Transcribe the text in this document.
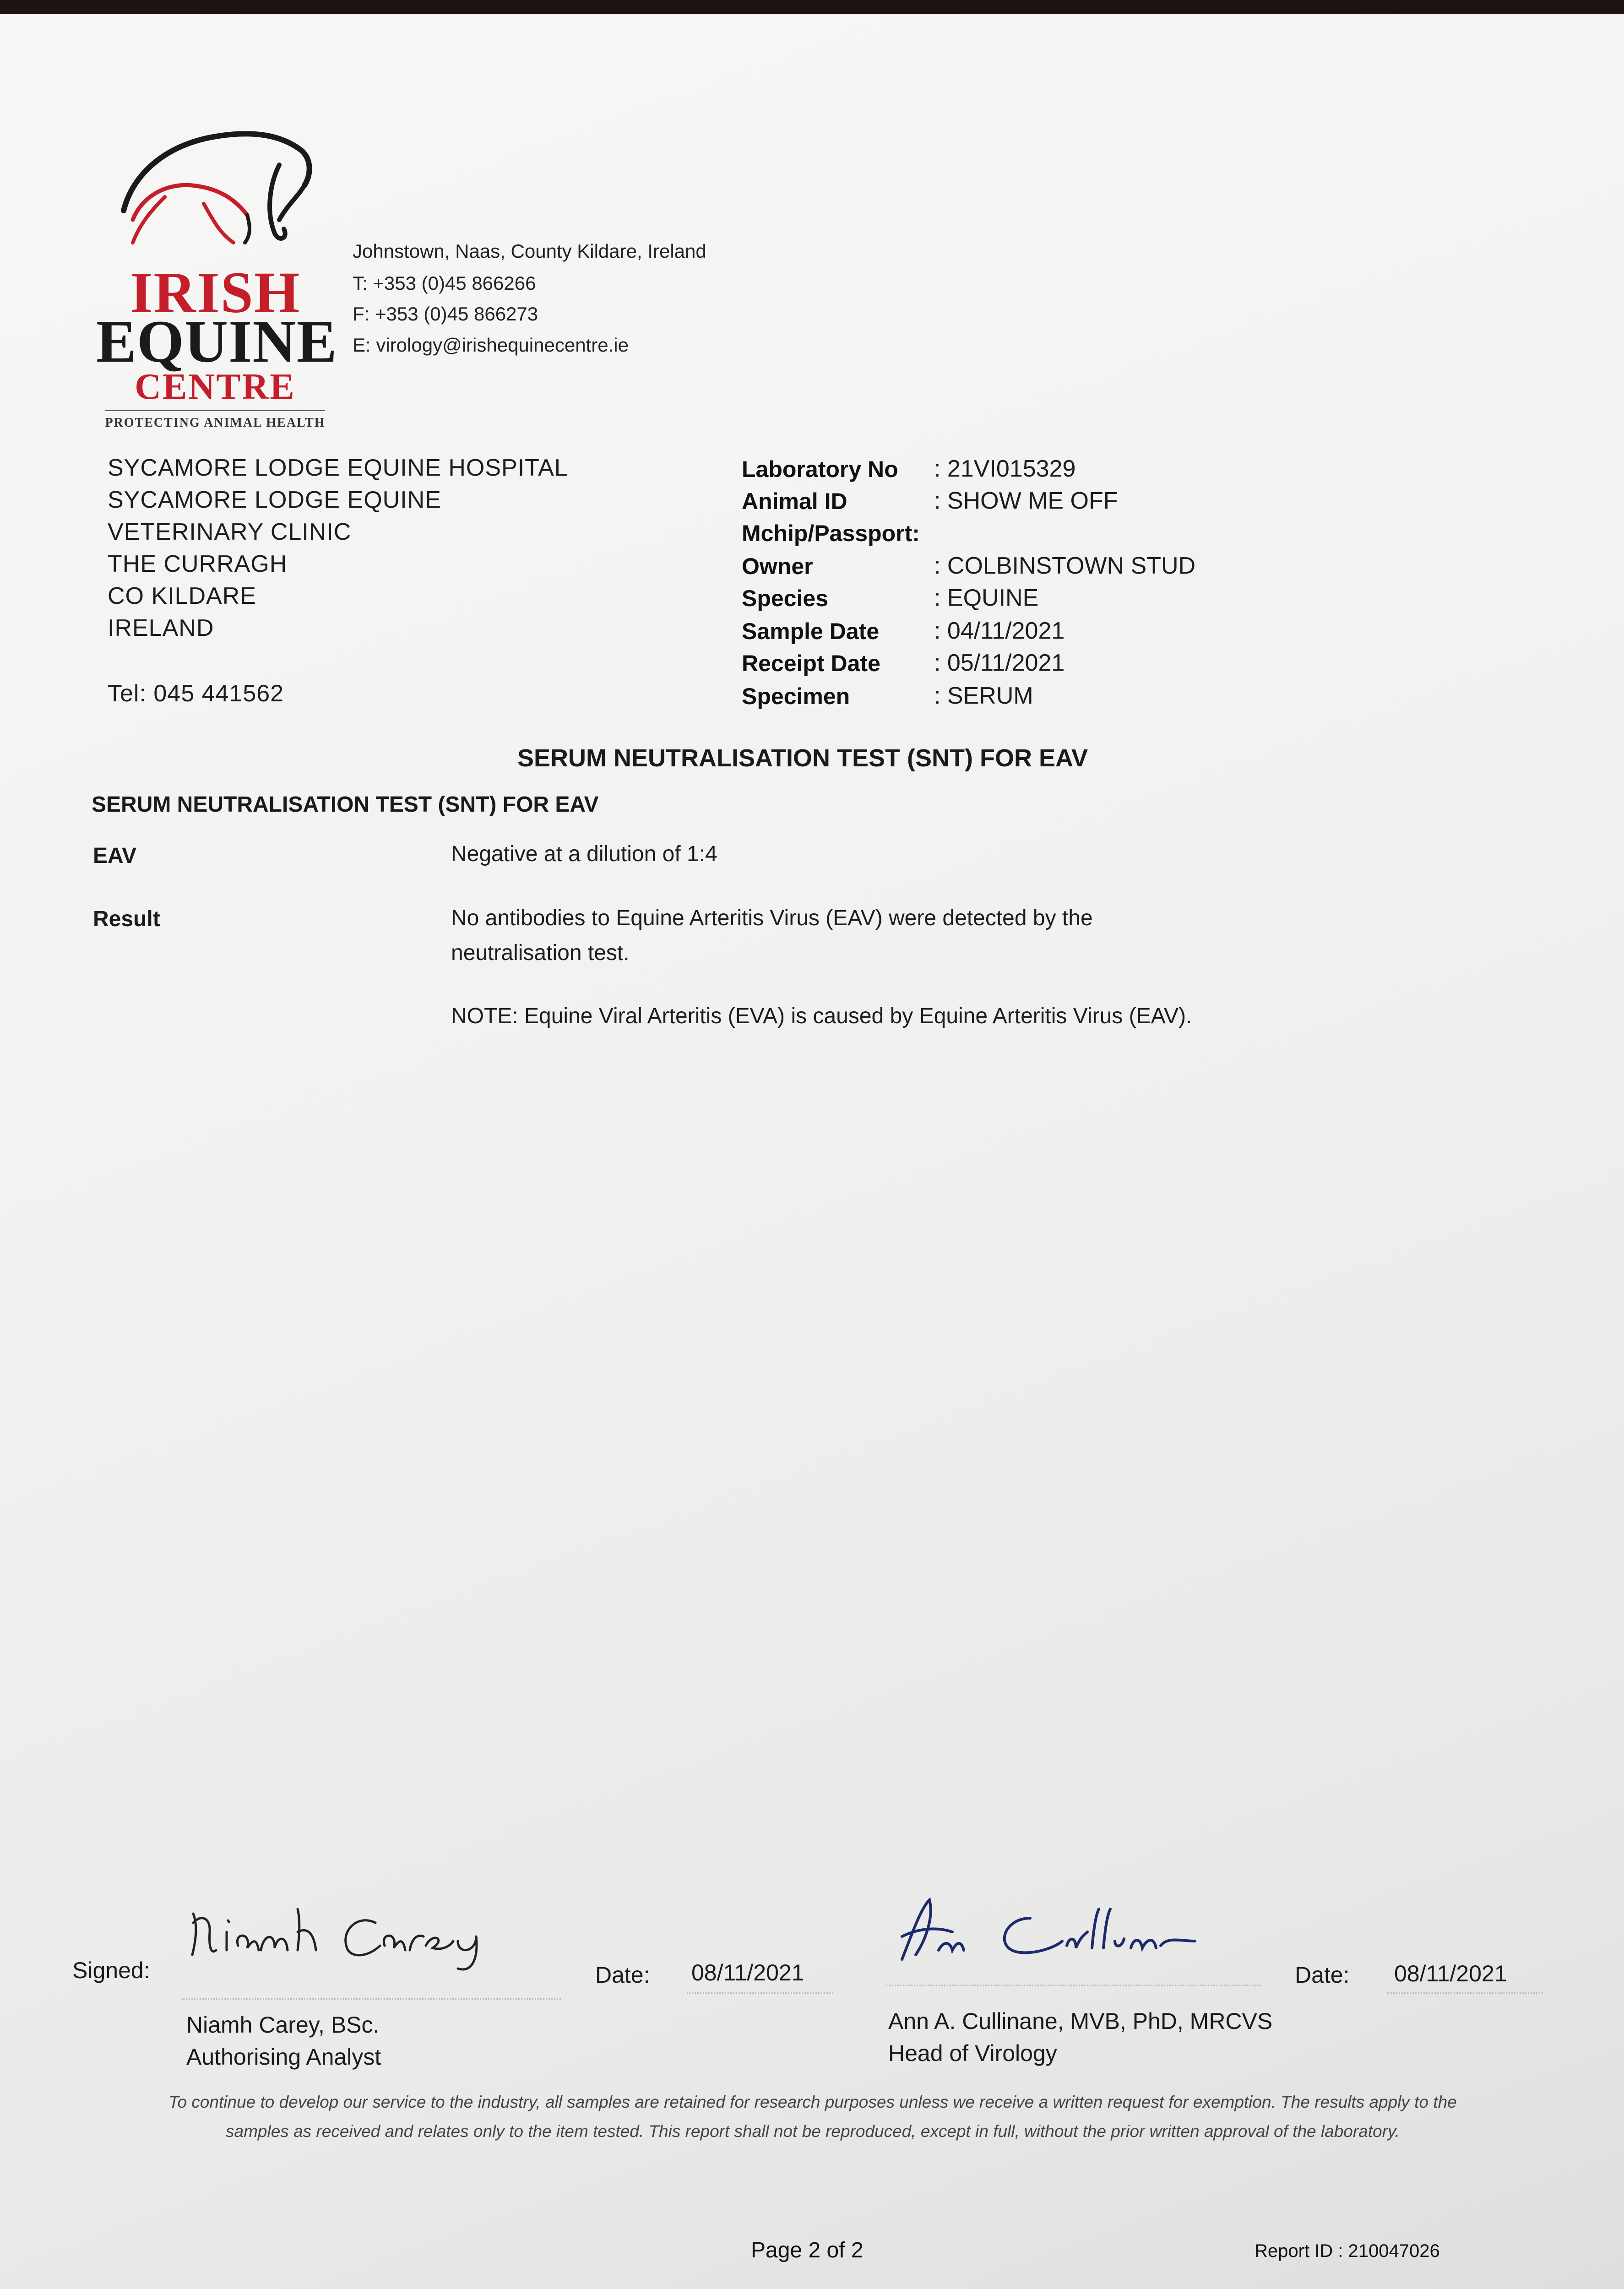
IRISH
EQUINE
CENTRE
PROTECTING ANIMAL HEALTH
Johnstown, Naas, County Kildare, Ireland
T: +353 (0)45 866266
F: +353 (0)45 866273
E: virology@irishequinecentre.ie
SYCAMORE LODGE EQUINE HOSPITAL
SYCAMORE LODGE EQUINE
VETERINARY CLINIC
THE CURRAGH
CO KILDARE
IRELAND
Tel: 045 441562
Laboratory No : 21VI015329
Animal ID	: SHOW ME OFF
Mchip/Passport:
Owner	: COLBINSTOWN STUD
Species	: EQUINE
Sample Date : 04/11/2021
Receipt Date : 05/11/2021
Specimen	: SERUM
SERUM NEUTRALISATION TEST (SNT) FOR EAV
SERUM NEUTRALISATION TEST (SNT) FOR EAV
EAV	Negative at a dilution of 1:4
Result	No antibodies to Equine Arteritis Virus (EAV) were detected by the neutralisation test.
NOTE: Equine Viral Arteritis (EVA) is caused by Equine Arteritis Virus (EAV).
Signed:	Date: 08/11/2021	Date: 08/11/2021
Niamh Carey, BSc.
Authorising Analyst
Ann A. Cullinane, MVB, PhD, MRCVS
Head of Virology
To continue to develop our service to the industry, all samples are retained for research purposes unless we receive a written request for exemption. The results apply to the samples as received and relates only to the item tested. This report shall not be reproduced, except in full, without the prior written approval of the laboratory.
Page 2 of 2	Report ID : 210047026
